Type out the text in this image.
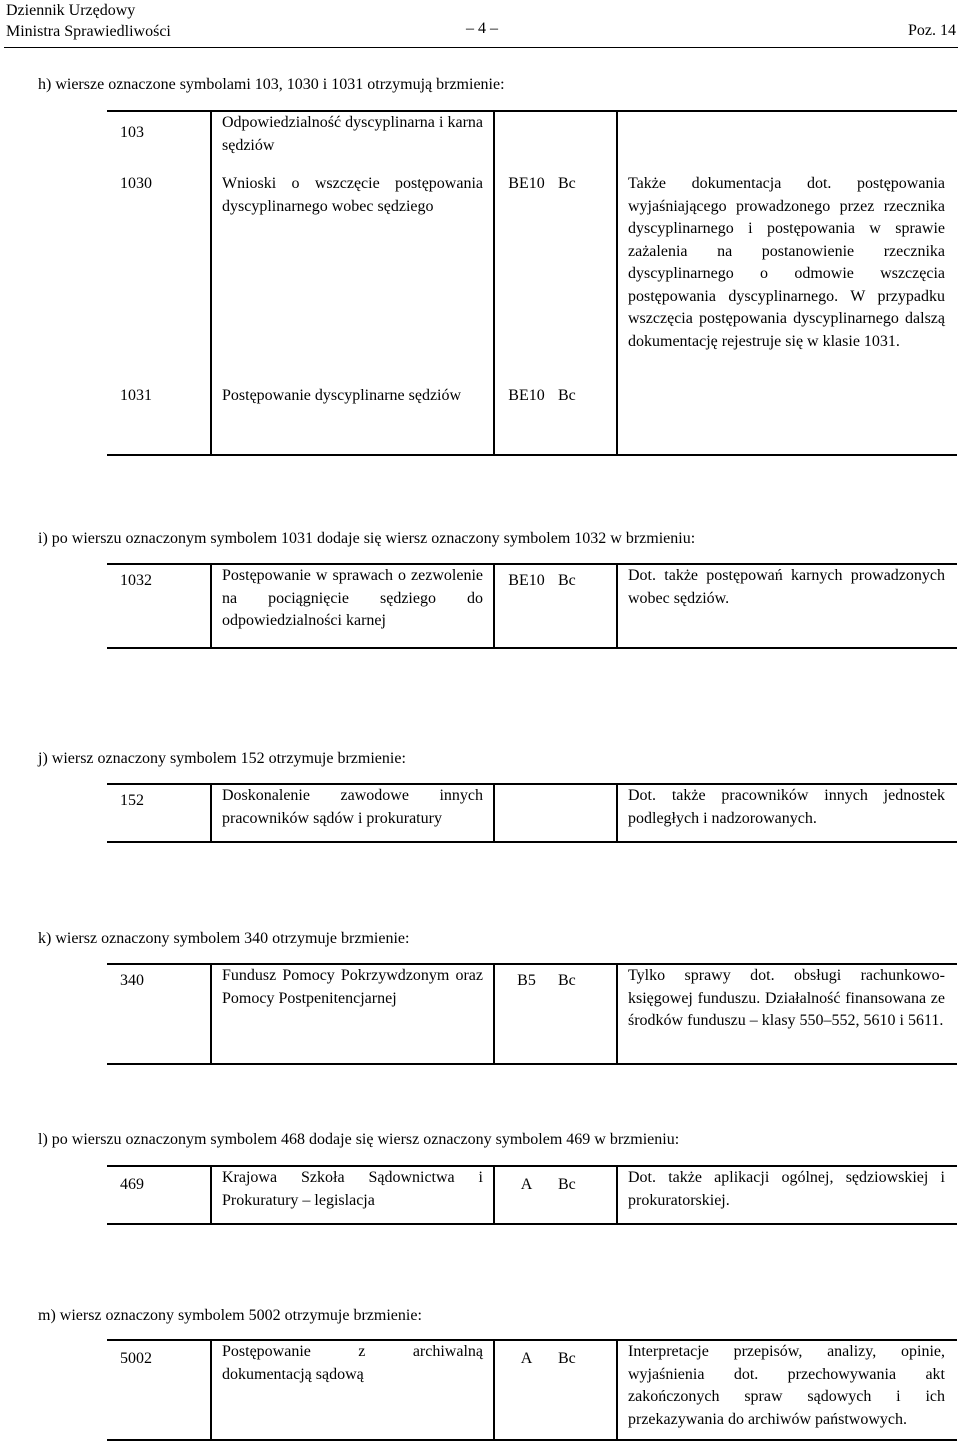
Dziennik Urzędowy
Ministra Sprawiedliwości	– 4 –	Poz. 14
h) wiersze oznaczone symbolami 103, 1030 i 1031 otrzymują brzmienie:
103	Odpowiedzialność dyscyplinarna i karna sędziów			
1030	Wnioski o wszczęcie postępowania dyscyplinarnego wobec sędziego	BE10	Bc	Także dokumentacja dot. postępowania wyjaśniającego prowadzonego przez rzecznika dyscyplinarnego i postępowania w sprawie zażalenia na postanowienie rzecznika dyscyplinarnego o odmowie wszczęcia postępowania dyscyplinarnego. W przypadku wszczęcia postępowania dyscyplinarnego dalszą dokumentację rejestruje się w klasie 1031.
1031	Postępowanie dyscyplinarne sędziów	BE10	Bc	
i) po wierszu oznaczonym symbolem 1031 dodaje się wiersz oznaczony symbolem 1032 w brzmieniu:
1032	Postępowanie w sprawach o zezwolenie na pociągnięcie sędziego do odpowiedzialności karnej	BE10	Bc	Dot. także postępowań karnych prowadzonych wobec sędziów.
j) wiersz oznaczony symbolem 152 otrzymuje brzmienie:
152	Doskonalenie zawodowe innych pracowników sądów i prokuratury			Dot. także pracowników innych jednostek podległych i nadzorowanych.
k) wiersz oznaczony symbolem 340 otrzymuje brzmienie:
340	Fundusz Pomocy Pokrzywdzonym oraz Pomocy Postpenitencjarnej	B5	Bc	Tylko sprawy dot. obsługi rachunkowo-księgowej funduszu. Działalność finansowana ze środków funduszu – klasy 550–552, 5610 i 5611.
l) po wierszu oznaczonym symbolem 468 dodaje się wiersz oznaczony symbolem 469 w brzmieniu:
469	Krajowa Szkoła Sądownictwa i Prokuratury – legislacja	A	Bc	Dot. także aplikacji ogólnej, sędziowskiej i prokuratorskiej.
m) wiersz oznaczony symbolem 5002 otrzymuje brzmienie:
5002	Postępowanie z archiwalną dokumentacją sądową	A	Bc	Interpretacje przepisów, analizy, opinie, wyjaśnienia dot. przechowywania akt zakończonych spraw sądowych i ich przekazywania do archiwów państwowych.
